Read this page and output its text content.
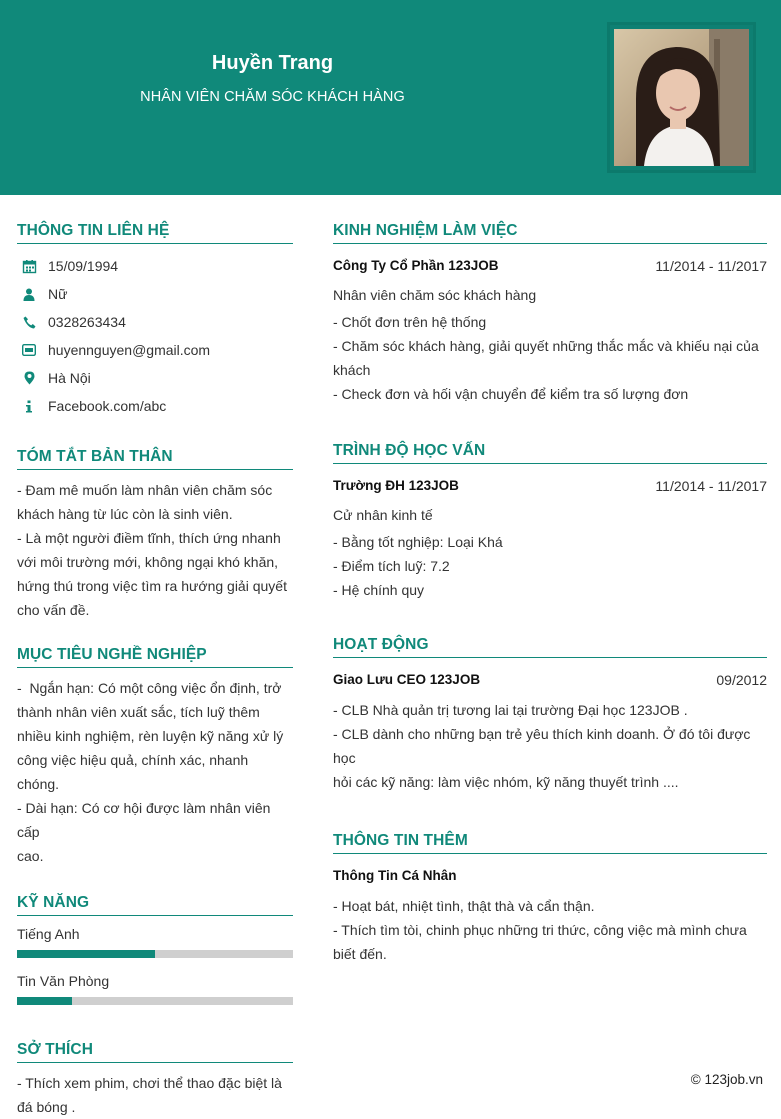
Huyền Trang
NHÂN VIÊN CHĂM SÓC KHÁCH HÀNG
THÔNG TIN LIÊN HỆ
15/09/1994
Nữ
0328263434
huyennguyen@gmail.com
Hà Nội
Facebook.com/abc
TÓM TẮT BẢN THÂN

- Đam mê muốn làm nhân viên chăm sóc

khách hàng từ lúc còn là sinh viên.

- Là một người điềm tĩnh, thích ứng nhanh

với môi trường mới, không ngại khó khăn,

hứng thú trong việc tìm ra hướng giải quyết

cho vấn đề.

MỤC TIÊU NGHỀ NGHIỆP

-  Ngắn hạn: Có một công việc ổn định, trở

thành nhân viên xuất sắc, tích luỹ thêm

nhiều kinh nghiệm, rèn luyện kỹ năng xử lý

công việc hiệu quả, chính xác, nhanh chóng.

- Dài hạn: Có cơ hội được làm nhân viên cấp

cao.

KỸ NĂNG
Tiếng Anh
Tin Văn Phòng
SỞ THÍCH

- Thích xem phim, chơi thể thao đặc biệt là

đá bóng .

KINH NGHIỆM LÀM VIỆC
Công Ty Cổ Phần 123JOB	11/2014 - 11/2017
Nhân viên chăm sóc khách hàng

- Chốt đơn trên hệ thống

- Chăm sóc khách hàng, giải quyết những thắc mắc và khiếu nại của

khách

- Check đơn và hối vận chuyển để kiểm tra số lượng đơn

TRÌNH ĐỘ HỌC VẤN
Trường ĐH 123JOB	11/2014 - 11/2017
Cử nhân kinh tế

- Bằng tốt nghiệp: Loại Khá

- Điểm tích luỹ: 7.2

- Hệ chính quy

HOẠT ĐỘNG
Giao Lưu CEO 123JOB	09/2012

- CLB Nhà quản trị tương lai tại trường Đại học 123JOB .

- CLB dành cho những bạn trẻ yêu thích kinh doanh. Ở đó tôi được học

hỏi các kỹ năng: làm việc nhóm, kỹ năng thuyết trình ....

THÔNG TIN THÊM
Thông Tin Cá Nhân

- Hoạt bát, nhiệt tình, thật thà và cẩn thận.

- Thích tìm tòi, chinh phục những tri thức, công việc mà mình chưa

biết đến.

© 123job.vn
